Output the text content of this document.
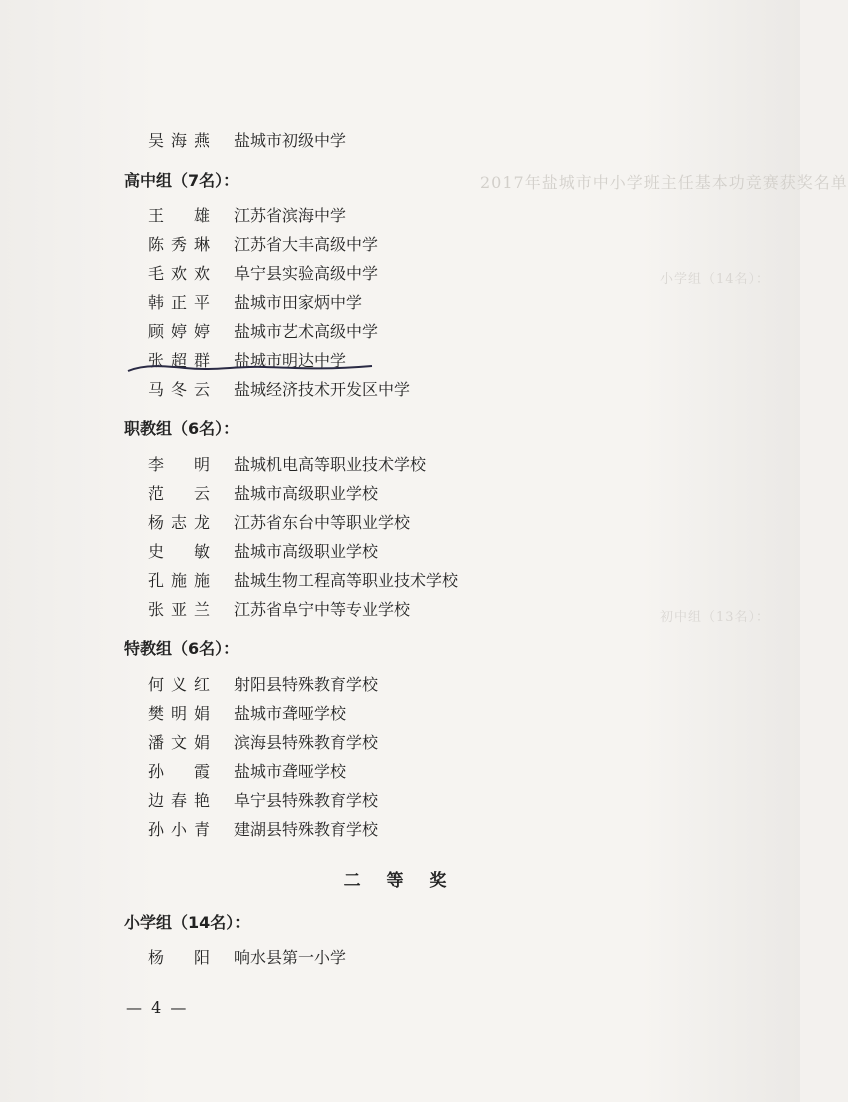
2017年盐城市中小学班主任基本功竞赛获奖名单
小学组（14名）：
初中组（13名）：
吴海燕 盐城市初级中学
高中组（7名）：
王 雄 江苏省滨海中学
陈秀琳 江苏省大丰高级中学
毛欢欢 阜宁县实验高级中学
韩正平 盐城市田家炳中学
顾婷婷 盐城市艺术高级中学
张超群 盐城市明达中学
马冬云 盐城经济技术开发区中学
职教组（6名）：
李 明 盐城机电高等职业技术学校
范 云 盐城市高级职业学校
杨志龙 江苏省东台中等职业学校
史 敏 盐城市高级职业学校
孔施施 盐城生物工程高等职业技术学校
张亚兰 江苏省阜宁中等专业学校
特教组（6名）：
何义红 射阳县特殊教育学校
樊明娟 盐城市聋哑学校
潘文娟 滨海县特殊教育学校
孙 霞 盐城市聋哑学校
边春艳 阜宁县特殊教育学校
孙小青 建湖县特殊教育学校
二 等 奖
小学组（14名）：
杨 阳 响水县第一小学
— 4 —
